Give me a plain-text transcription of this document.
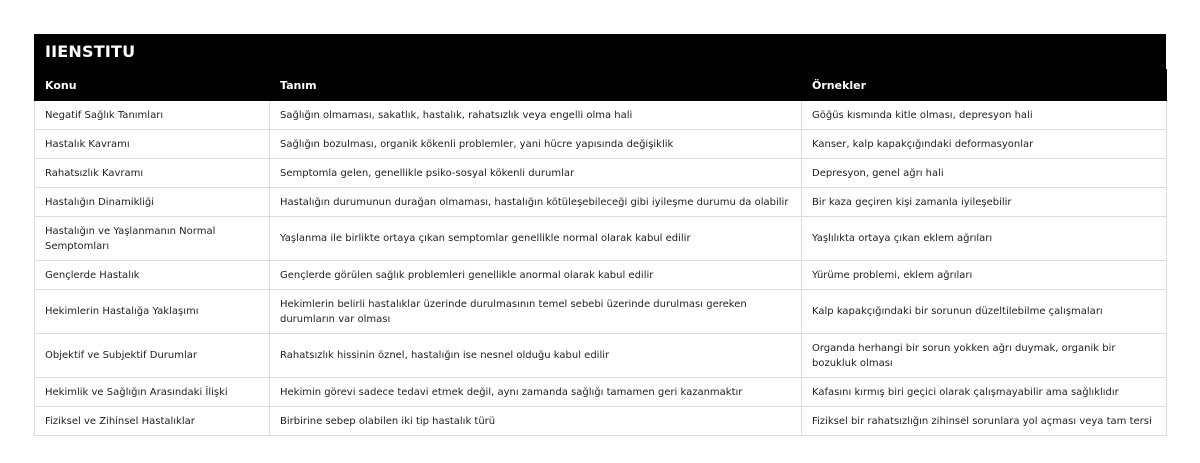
IIENSTITU
Konu	Tanım	Örnekler
Negatif Sağlık Tanımları	Sağlığın olmaması, sakatlık, hastalık, rahatsızlık veya engelli olma hali	Göğüs kısmında kitle olması, depresyon hali
Hastalık Kavramı	Sağlığın bozulması, organik kökenli problemler, yani hücre yapısında değişiklik	Kanser, kalp kapakçığındaki deformasyonlar
Rahatsızlık Kavramı	Semptomla gelen, genellikle psiko-sosyal kökenli durumlar	Depresyon, genel ağrı hali
Hastalığın Dinamikliği	Hastalığın durumunun durağan olmaması, hastalığın kötüleşebileceği gibi iyileşme durumu da olabilir	Bir kaza geçiren kişi zamanla iyileşebilir
Hastalığın ve Yaşlanmanın Normal Semptomları	Yaşlanma ile birlikte ortaya çıkan semptomlar genellikle normal olarak kabul edilir	Yaşlılıkta ortaya çıkan eklem ağrıları
Gençlerde Hastalık	Gençlerde görülen sağlık problemleri genellikle anormal olarak kabul edilir	Yürüme problemi, eklem ağrıları
Hekimlerin Hastalığa Yaklaşımı	Hekimlerin belirli hastalıklar üzerinde durulmasının temel sebebi üzerinde durulması gereken durumların var olması	Kalp kapakçığındaki bir sorunun düzeltilebilme çalışmaları
Objektif ve Subjektif Durumlar	Rahatsızlık hissinin öznel, hastalığın ise nesnel olduğu kabul edilir	Organda herhangi bir sorun yokken ağrı duymak, organik bir bozukluk olması
Hekimlik ve Sağlığın Arasındaki İlişki	Hekimin görevi sadece tedavi etmek değil, aynı zamanda sağlığı tamamen geri kazanmaktır	Kafasını kırmış biri geçici olarak çalışmayabilir ama sağlıklıdır
Fiziksel ve Zihinsel Hastalıklar	Birbirine sebep olabilen iki tip hastalık türü	Fiziksel bir rahatsızlığın zihinsel sorunlara yol açması veya tam tersi
